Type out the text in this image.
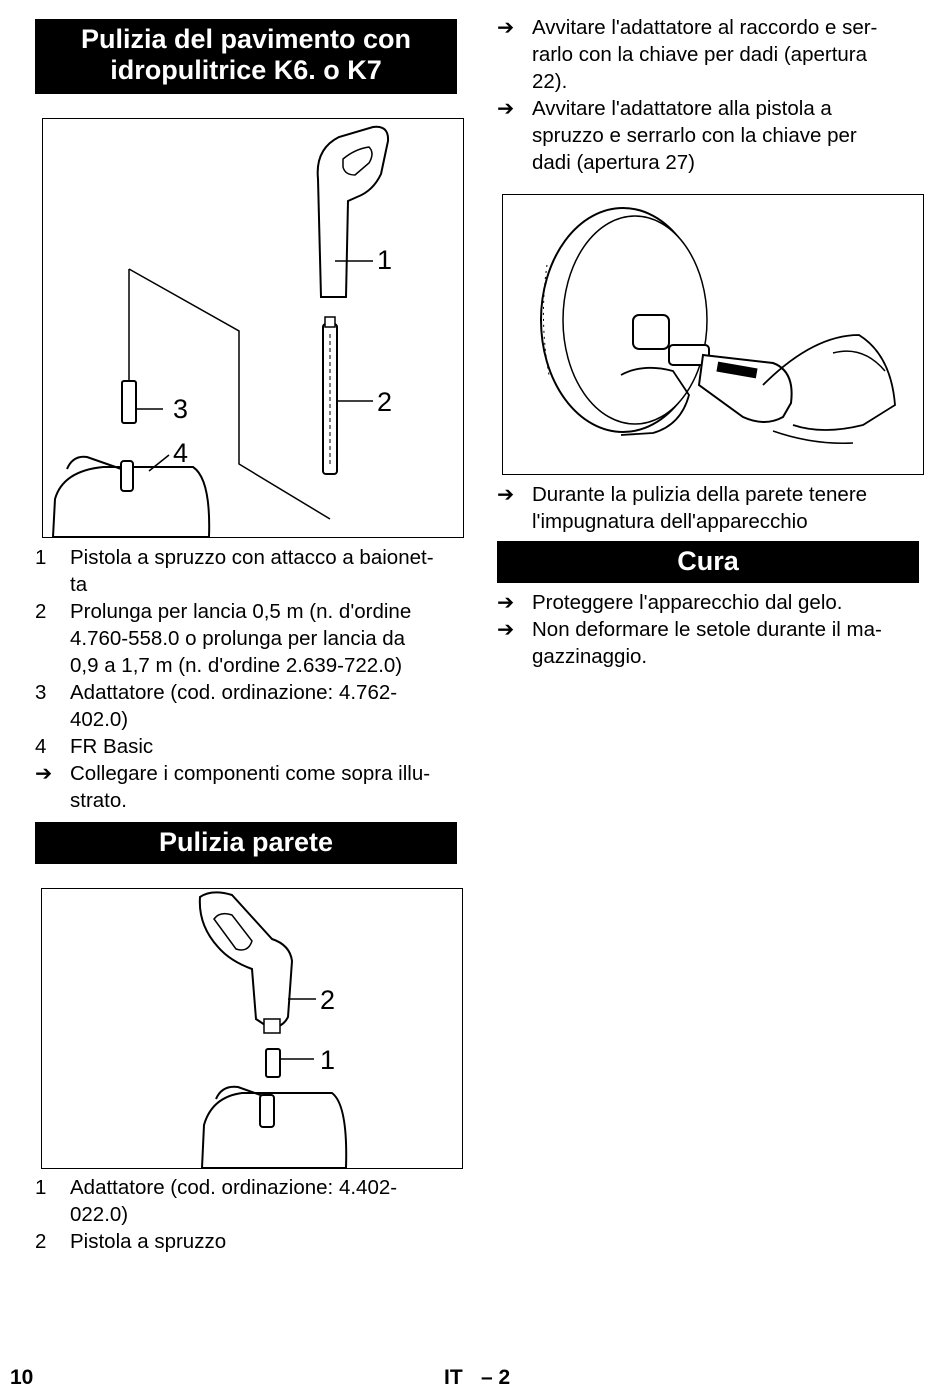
Pulizia del pavimento con
idropulitrice K6. o K7
1
2
3
4
1	Pistola a spruzzo con attacco a baionet-
ta
2	Prolunga per lancia 0,5 m (n. d'ordine
4.760-558.0 o prolunga per lancia da
0,9 a 1,7 m (n. d'ordine 2.639-722.0)
3	Adattatore (cod. ordinazione: 4.762-
402.0)
4	FR Basic
➔ Collegare i componenti come sopra illu-
strato.
Pulizia parete
2
1
1	Adattatore (cod. ordinazione: 4.402-
022.0)
2	Pistola a spruzzo
➔ Avvitare l'adattatore al raccordo e ser-
rarlo con la chiave per dadi (apertura
22).
➔ Avvitare l'adattatore alla pistola a
spruzzo e serrarlo con la chiave per
dadi (apertura 27)
➔ Durante la pulizia della parete tenere
l'impugnatura dell'apparecchio
Cura
➔ Proteggere l'apparecchio dal gelo.
➔ Non deformare le setole durante il ma-
gazzinaggio.
10	IT – 2
